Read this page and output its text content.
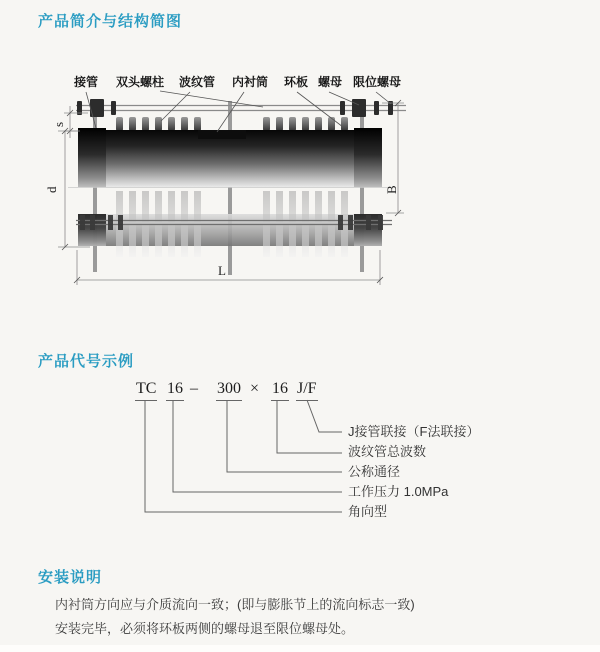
产品简介与结构简图
接管 双头螺柱 波纹管 内衬筒 环板 螺母 限位螺母
s
d	B
L
产品代号示例
TC 16 – 300 × 16 J/F
J接管联接（F法联接）
波纹管总波数
公称通径
工作压力 1.0MPa
角向型
安装说明
内衬筒方向应与介质流向一致；(即与膨胀节上的流向标志一致)
安装完毕，必须将环板两侧的螺母退至限位螺母处。
